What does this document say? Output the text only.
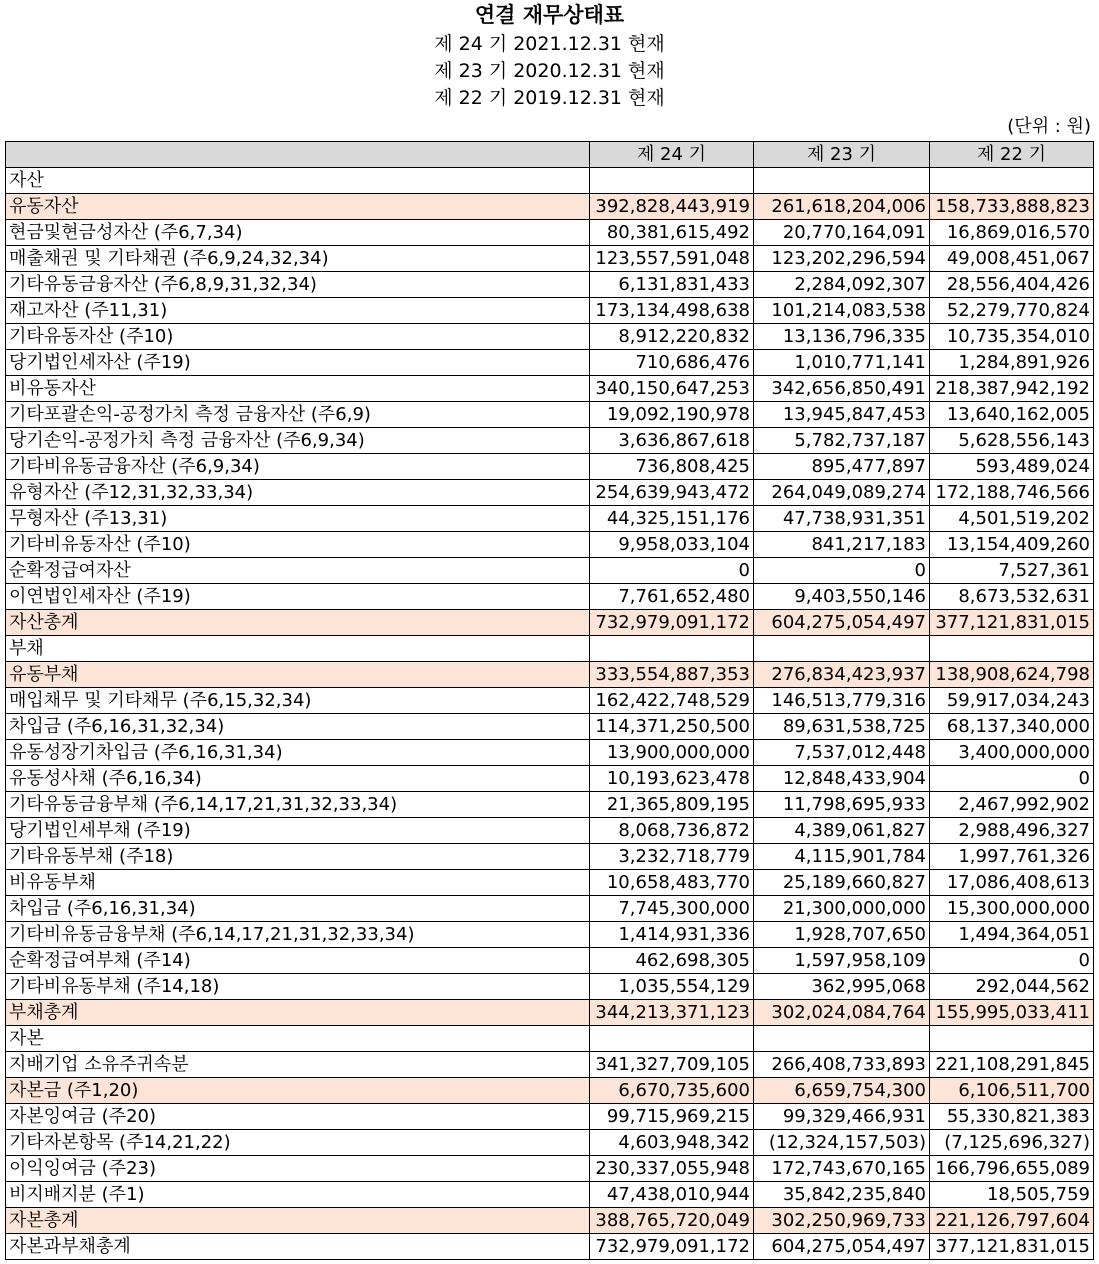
연결 재무상태표
제 24 기 2021.12.31 현재
제 23 기 2020.12.31 현재
제 22 기 2019.12.31 현재
(단위 : 원)
	제 24 기	제 23 기	제 22 기
자산			
유동자산	392,828,443,919	261,618,204,006	158,733,888,823
현금및현금성자산 (주6,7,34)	80,381,615,492	20,770,164,091	16,869,016,570
매출채권 및 기타채권 (주6,9,24,32,34)	123,557,591,048	123,202,296,594	49,008,451,067
기타유동금융자산 (주6,8,9,31,32,34)	6,131,831,433	2,284,092,307	28,556,404,426
재고자산 (주11,31)	173,134,498,638	101,214,083,538	52,279,770,824
기타유동자산 (주10)	8,912,220,832	13,136,796,335	10,735,354,010
당기법인세자산 (주19)	710,686,476	1,010,771,141	1,284,891,926
비유동자산	340,150,647,253	342,656,850,491	218,387,942,192
기타포괄손익-공정가치 측정 금융자산 (주6,9)	19,092,190,978	13,945,847,453	13,640,162,005
당기손익-공정가치 측정 금융자산 (주6,9,34)	3,636,867,618	5,782,737,187	5,628,556,143
기타비유동금융자산 (주6,9,34)	736,808,425	895,477,897	593,489,024
유형자산 (주12,31,32,33,34)	254,639,943,472	264,049,089,274	172,188,746,566
무형자산 (주13,31)	44,325,151,176	47,738,931,351	4,501,519,202
기타비유동자산 (주10)	9,958,033,104	841,217,183	13,154,409,260
순확정급여자산	0	0	7,527,361
이연법인세자산 (주19)	7,761,652,480	9,403,550,146	8,673,532,631
자산총계	732,979,091,172	604,275,054,497	377,121,831,015
부채			
유동부채	333,554,887,353	276,834,423,937	138,908,624,798
매입채무 및 기타채무 (주6,15,32,34)	162,422,748,529	146,513,779,316	59,917,034,243
차입금 (주6,16,31,32,34)	114,371,250,500	89,631,538,725	68,137,340,000
유동성장기차입금 (주6,16,31,34)	13,900,000,000	7,537,012,448	3,400,000,000
유동성사채 (주6,16,34)	10,193,623,478	12,848,433,904	0
기타유동금융부채 (주6,14,17,21,31,32,33,34)	21,365,809,195	11,798,695,933	2,467,992,902
당기법인세부채 (주19)	8,068,736,872	4,389,061,827	2,988,496,327
기타유동부채 (주18)	3,232,718,779	4,115,901,784	1,997,761,326
비유동부채	10,658,483,770	25,189,660,827	17,086,408,613
차입금 (주6,16,31,34)	7,745,300,000	21,300,000,000	15,300,000,000
기타비유동금융부채 (주6,14,17,21,31,32,33,34)	1,414,931,336	1,928,707,650	1,494,364,051
순확정급여부채 (주14)	462,698,305	1,597,958,109	0
기타비유동부채 (주14,18)	1,035,554,129	362,995,068	292,044,562
부채총계	344,213,371,123	302,024,084,764	155,995,033,411
자본			
지배기업 소유주귀속분	341,327,709,105	266,408,733,893	221,108,291,845
자본금 (주1,20)	6,670,735,600	6,659,754,300	6,106,511,700
자본잉여금 (주20)	99,715,969,215	99,329,466,931	55,330,821,383
기타자본항목 (주14,21,22)	4,603,948,342	(12,324,157,503)	(7,125,696,327)
이익잉여금 (주23)	230,337,055,948	172,743,670,165	166,796,655,089
비지배지분 (주1)	47,438,010,944	35,842,235,840	18,505,759
자본총계	388,765,720,049	302,250,969,733	221,126,797,604
자본과부채총계	732,979,091,172	604,275,054,497	377,121,831,015
